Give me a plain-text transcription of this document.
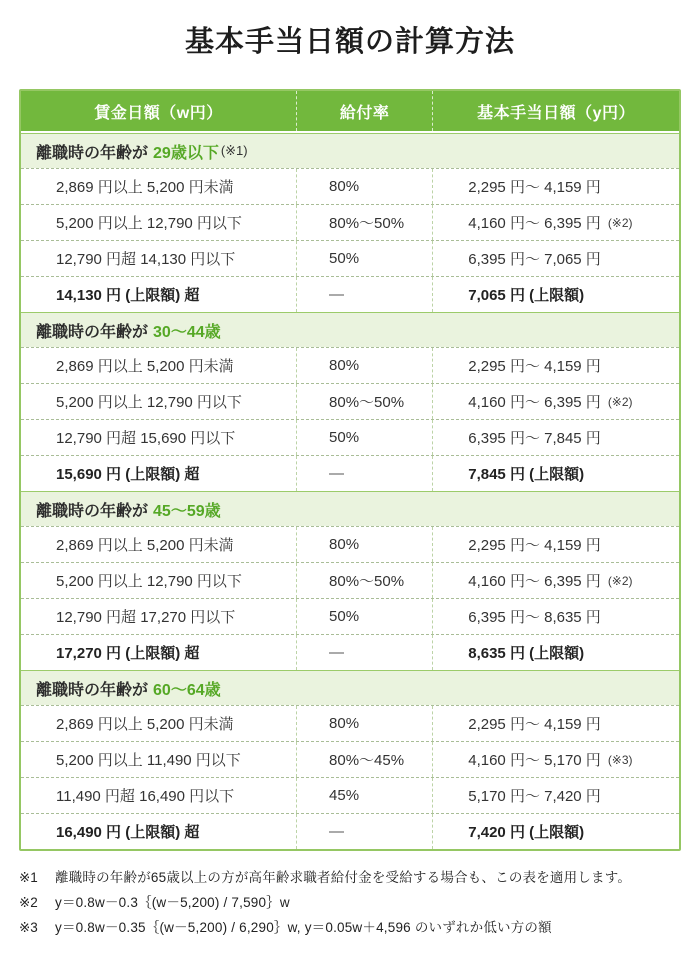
基本手当日額の計算方法
賃金日額（w円）	給付率	基本手当日額（y円）
離職時の年齢が 29歳以下 (※1)
2,869 円以上 5,200 円未満	80%	2,295 円～ 4,159 円
5,200 円以上 12,790 円以下	80%～50%	4,160 円～ 6,395 円 (※2)
12,790 円超 14,130 円以下	50%	6,395 円～ 7,065 円
14,130 円 (上限額) 超	―	7,065 円 (上限額)
離職時の年齢が 30～44歳
2,869 円以上 5,200 円未満	80%	2,295 円～ 4,159 円
5,200 円以上 12,790 円以下	80%～50%	4,160 円～ 6,395 円 (※2)
12,790 円超 15,690 円以下	50%	6,395 円～ 7,845 円
15,690 円 (上限額) 超	―	7,845 円 (上限額)
離職時の年齢が 45～59歳
2,869 円以上 5,200 円未満	80%	2,295 円～ 4,159 円
5,200 円以上 12,790 円以下	80%～50%	4,160 円～ 6,395 円 (※2)
12,790 円超 17,270 円以下	50%	6,395 円～ 8,635 円
17,270 円 (上限額) 超	―	8,635 円 (上限額)
離職時の年齢が 60～64歳
2,869 円以上 5,200 円未満	80%	2,295 円～ 4,159 円
5,200 円以上 11,490 円以下	80%～45%	4,160 円～ 5,170 円 (※3)
11,490 円超 16,490 円以下	45%	5,170 円～ 7,420 円
16,490 円 (上限額) 超	―	7,420 円 (上限額)
※1	離職時の年齢が65歳以上の方が高年齢求職者給付金を受給する場合も、この表を適用します。
※2	y＝0.8w－0.3｛(w－5,200) / 7,590｝w
※3	y＝0.8w－0.35｛(w－5,200) / 6,290｝w, y＝0.05w＋4,596 のいずれか低い方の額
